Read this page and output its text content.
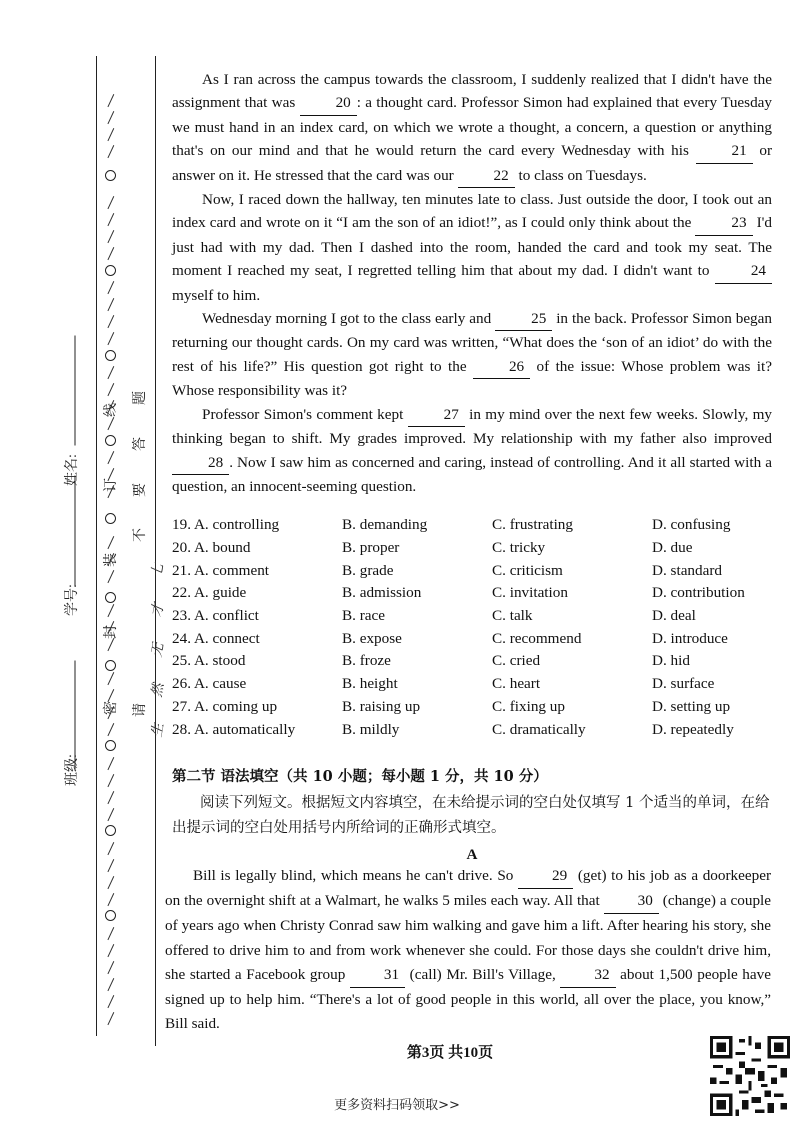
班级:
学号:
姓名:
密
封
装
订
线
请
不
要
答
题
七
才
无
然
生

As I ran across the campus towards the classroom, I suddenly realized that I didn't have the assignment that was 20 : a thought card. Professor Simon had explained that every Tuesday we must hand in an index card, on which we wrote a thought, a concern, a question or anything that's on our mind and that he would return the card every Wednesday with his 21 or answer on it. He stressed that the card was our 22 to class on Tuesdays.

Now, I raced down the hallway, ten minutes late to class. Just outside the door, I took out an index card and wrote on it “I am the son of an idiot!”, as I could only think about the 23 I'd just had with my dad. Then I dashed into the room, handed the card and took my seat. The moment I reached my seat, I regretted telling him that about my dad. I didn't want to 24 myself to him.

Wednesday morning I got to the class early and 25 in the back. Professor Simon began returning our thought cards. On my card was written, “What does the ‘son of an idiot’ do with the rest of his life?” His question got right to the 26 of the issue: Whose problem was it? Whose responsibility was it?

Professor Simon's comment kept 27 in my mind over the next few weeks. Slowly, my thinking began to shift. My grades improved. My relationship with my father also improved 28 . Now I saw him as concerned and caring, instead of controlling. And it all started with a question, an innocent-seeming question.

19. A. controlling	B. demanding	C. frustrating	D. confusing
20. A. bound	B. proper	C. tricky	D. due
21. A. comment	B. grade	C. criticism	D. standard
22. A. guide	B. admission	C. invitation	D. contribution
23. A. conflict	B. race	C. talk	D. deal
24. A. connect	B. expose	C. recommend	D. introduce
25. A. stood	B. froze	C. cried	D. hid
26. A. cause	B. height	C. heart	D. surface
27. A. coming up	B. raising up	C. fixing up	D. setting up
28. A. automatically	B. mildly	C. dramatically	D. repeatedly
第二节 语法填空（共 10 小题；每小题 1 分，共 10 分）
阅读下列短文。根据短文内容填空，在未给提示词的空白处仅填写 1 个适当的单词，在给出提示词的空白处用括号内所给词的正确形式填空。
A

Bill is legally blind, which means he can't drive. So 29 (get) to his job as a doorkeeper on the overnight shift at a Walmart, he walks 5 miles each way. All that 30 (change) a couple of years ago when Christy Conrad saw him walking and gave him a lift. After hearing his story, she offered to drive him to and from work whenever she could. For those days she couldn't drive him, she started a Facebook group 31 (call) Mr. Bill's Village, 32 about 1,500 people have signed up to help him. “There's a lot of good people in this world, all over the place, you know,” Bill said.

第3页 共10页
更多资料扫码领取>>
